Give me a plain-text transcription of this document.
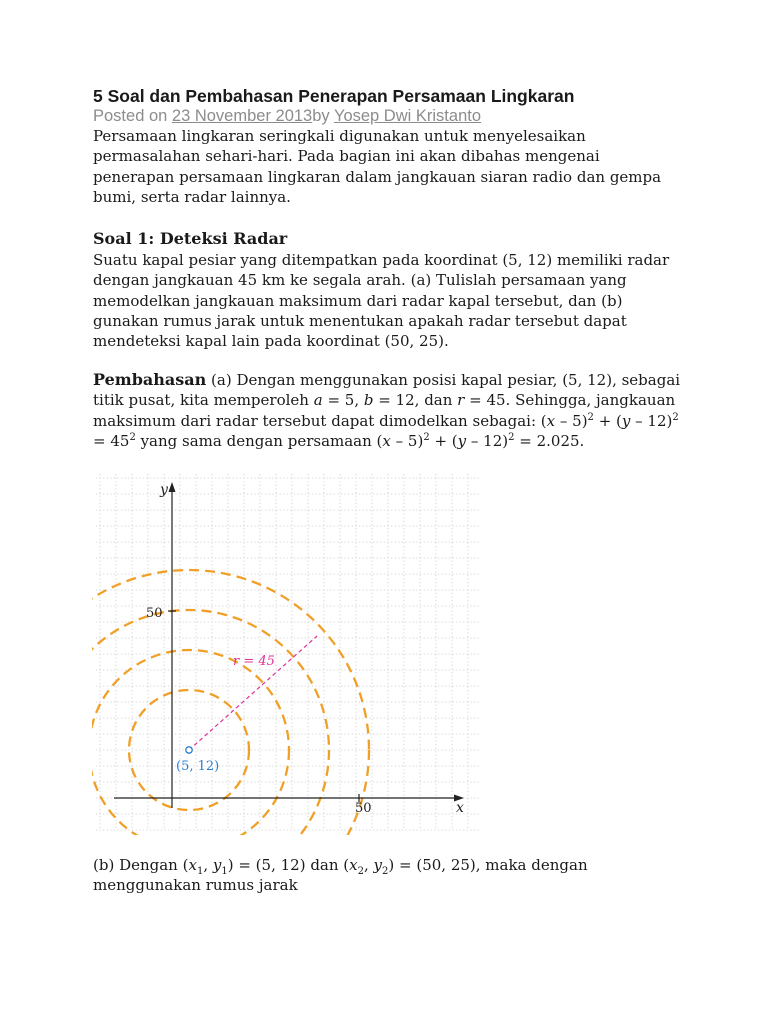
5 Soal dan Pembahasan Penerapan Persamaan Lingkaran
Posted on 23 November 2013by Yosep Dwi Kristanto

Persamaan lingkaran seringkali digunakan untuk menyelesaikan permasalahan sehari-hari. Pada bagian ini akan dibahas mengenai penerapan persamaan lingkaran dalam jangkauan siaran radio dan gempa bumi, serta radar lainnya.

Soal 1: Deteksi Radar

Suatu kapal pesiar yang ditempatkan pada koordinat (5, 12) memiliki radar dengan jangkauan 45 km ke segala arah. (a) Tulislah persamaan yang memodelkan jangkauan maksimum dari radar kapal tersebut, dan (b) gunakan rumus jarak untuk menentukan apakah radar tersebut dapat mendeteksi kapal lain pada koordinat (50, 25).

Pembahasan (a) Dengan menggunakan posisi kapal pesiar, (5, 12), sebagai titik pusat, kita memperoleh a = 5, b = 12, dan r = 45. Sehingga, jangkauan maksimum dari radar tersebut dapat dimodelkan sebagai: $(x - 5)^2 + (y - 12)^2 = 45^2$ yang sama dengan persamaan (x – 5)$^2$ + (y – 12)$^2$ = 2.025.

y
x
50
50
r = 45
(5, 12)

(b) Dengan ($x_1$, $y_1) = (5$, 12) dan ($x_2$, $y_2) = (50$, 25), maka dengan menggunakan rumus jarak
